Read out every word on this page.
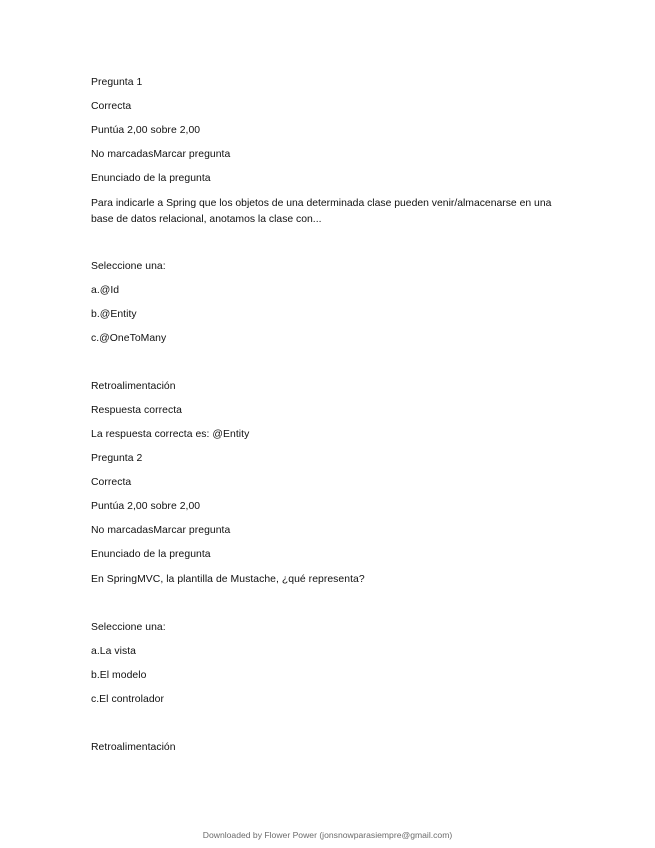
Pregunta 1
Correcta
Puntúa 2,00 sobre 2,00
No marcadasMarcar pregunta
Enunciado de la pregunta
Para indicarle a Spring que los objetos de una determinada clase pueden venir/almacenarse en una base de datos relacional, anotamos la clase con...
Seleccione una:
a.@Id
b.@Entity
c.@OneToMany
Retroalimentación
Respuesta correcta
La respuesta correcta es: @Entity
Pregunta 2
Correcta
Puntúa 2,00 sobre 2,00
No marcadasMarcar pregunta
Enunciado de la pregunta
En SpringMVC, la plantilla de Mustache, ¿qué representa?
Seleccione una:
a.La vista
b.El modelo
c.El controlador
Retroalimentación
Downloaded by Flower Power (jonsnowparasiempre@gmail.com)
